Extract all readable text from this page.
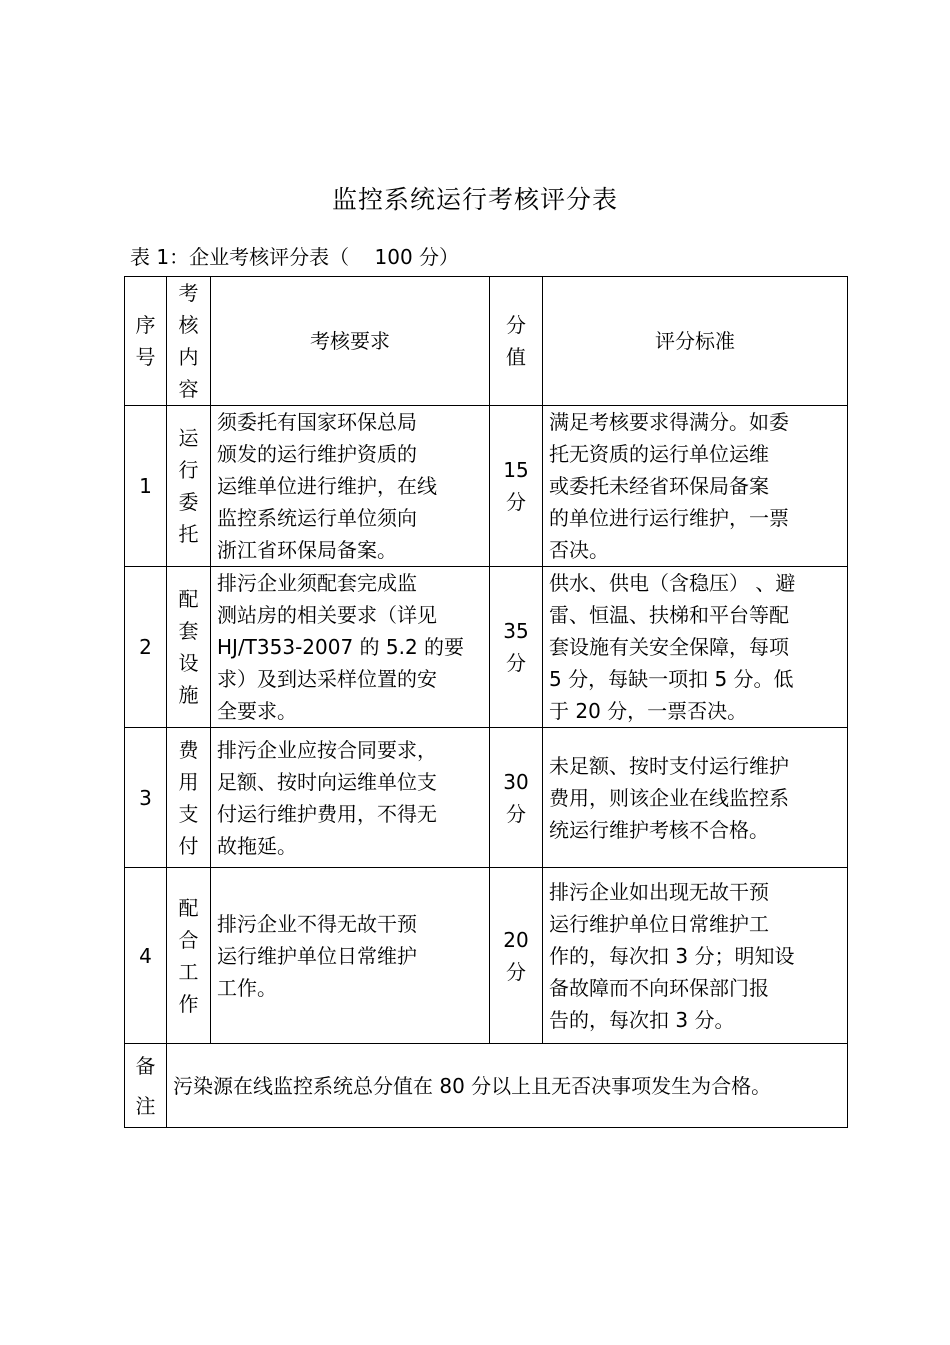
监控系统运行考核评分表
表 1：企业考核评分表（    100 分）
序号	考核内容	考核要求	分值	评分标准
1	运行委托	须委托有国家环保总局
颁发的运行维护资质的
运维单位进行维护，在线
监控系统运行单位须向
浙江省环保局备案。	15
分	满足考核要求得满分。如委
托无资质的运行单位运维
或委托未经省环保局备案
的单位进行运行维护，一票
否决。
2	配套设施	排污企业须配套完成监
测站房的相关要求（详见
HJ/T353-2007 的 5.2 的要
求）及到达采样位置的安
全要求。	35
分	供水、供电（含稳压） 、避
雷、恒温、扶梯和平台等配
套设施有关安全保障，每项
5 分，每缺一项扣 5 分。低
于 20 分，一票否决。
3	费用支付	排污企业应按合同要求，
足额、按时向运维单位支
付运行维护费用，不得无
故拖延。	30
分	未足额、按时支付运行维护
费用，则该企业在线监控系
统运行维护考核不合格。
4	配合工作	排污企业不得无故干预
运行维护单位日常维护
工作。	20
分	排污企业如出现无故干预
运行维护单位日常维护工
作的，每次扣 3 分；明知设
备故障而不向环保部门报
告的，每次扣 3 分。
备注	污染源在线监控系统总分值在 80 分以上且无否决事项发生为合格。			
